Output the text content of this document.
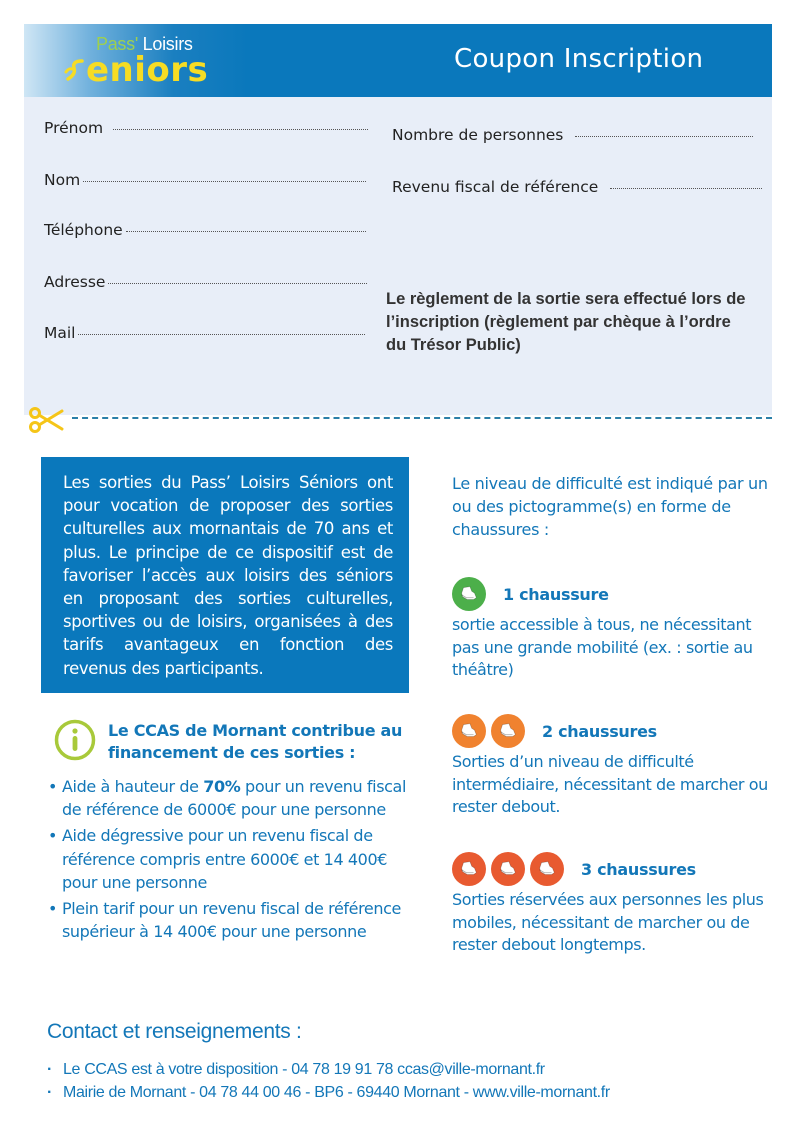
Pass' Loisirs
eniors	Coupon Inscription
Prénom
Nom
Téléphone
Adresse
Mail
Nombre de personnes
Revenu fiscal de référence
Le règlement de la sortie sera effectué lors de l’inscription (règlement par chèque à l’ordre du Trésor Public)
Les sorties du Pass’ Loisirs Séniors ont pour vocation de proposer des sorties culturelles aux mornantais de 70 ans et plus. Le principe de ce dispositif est de favoriser l’accès aux loisirs des séniors en proposant des sorties culturelles, sportives ou de loisirs, organisées à des tarifs avantageux en fonction des revenus des participants.
Le CCAS de Mornant contribue au financement de ces sorties :
• Aide à hauteur de 70% pour un revenu fiscal de référence de 6000€ pour une personne
• Aide dégressive pour un revenu fiscal de référence compris entre 6000€ et 14 400€ pour une personne
• Plein tarif pour un revenu fiscal de référence supérieur à 14 400€ pour une personne
Le niveau de difficulté est indiqué par un ou des pictogramme(s) en forme de chaussures :
1 chaussure
sortie accessible à tous, ne nécessitant pas une grande mobilité (ex. : sortie au théâtre)
2 chaussures
Sorties d’un niveau de difficulté intermédiaire, nécessitant de marcher ou rester debout.
3 chaussures
Sorties réservées aux personnes les plus mobiles, nécessitant de marcher ou de rester debout longtemps.
Contact et renseignements :
· Le CCAS est à votre disposition - 04 78 19 91 78 ccas@ville-mornant.fr
· Mairie de Mornant - 04 78 44 00 46 - BP6 - 69440 Mornant - www.ville-mornant.fr
